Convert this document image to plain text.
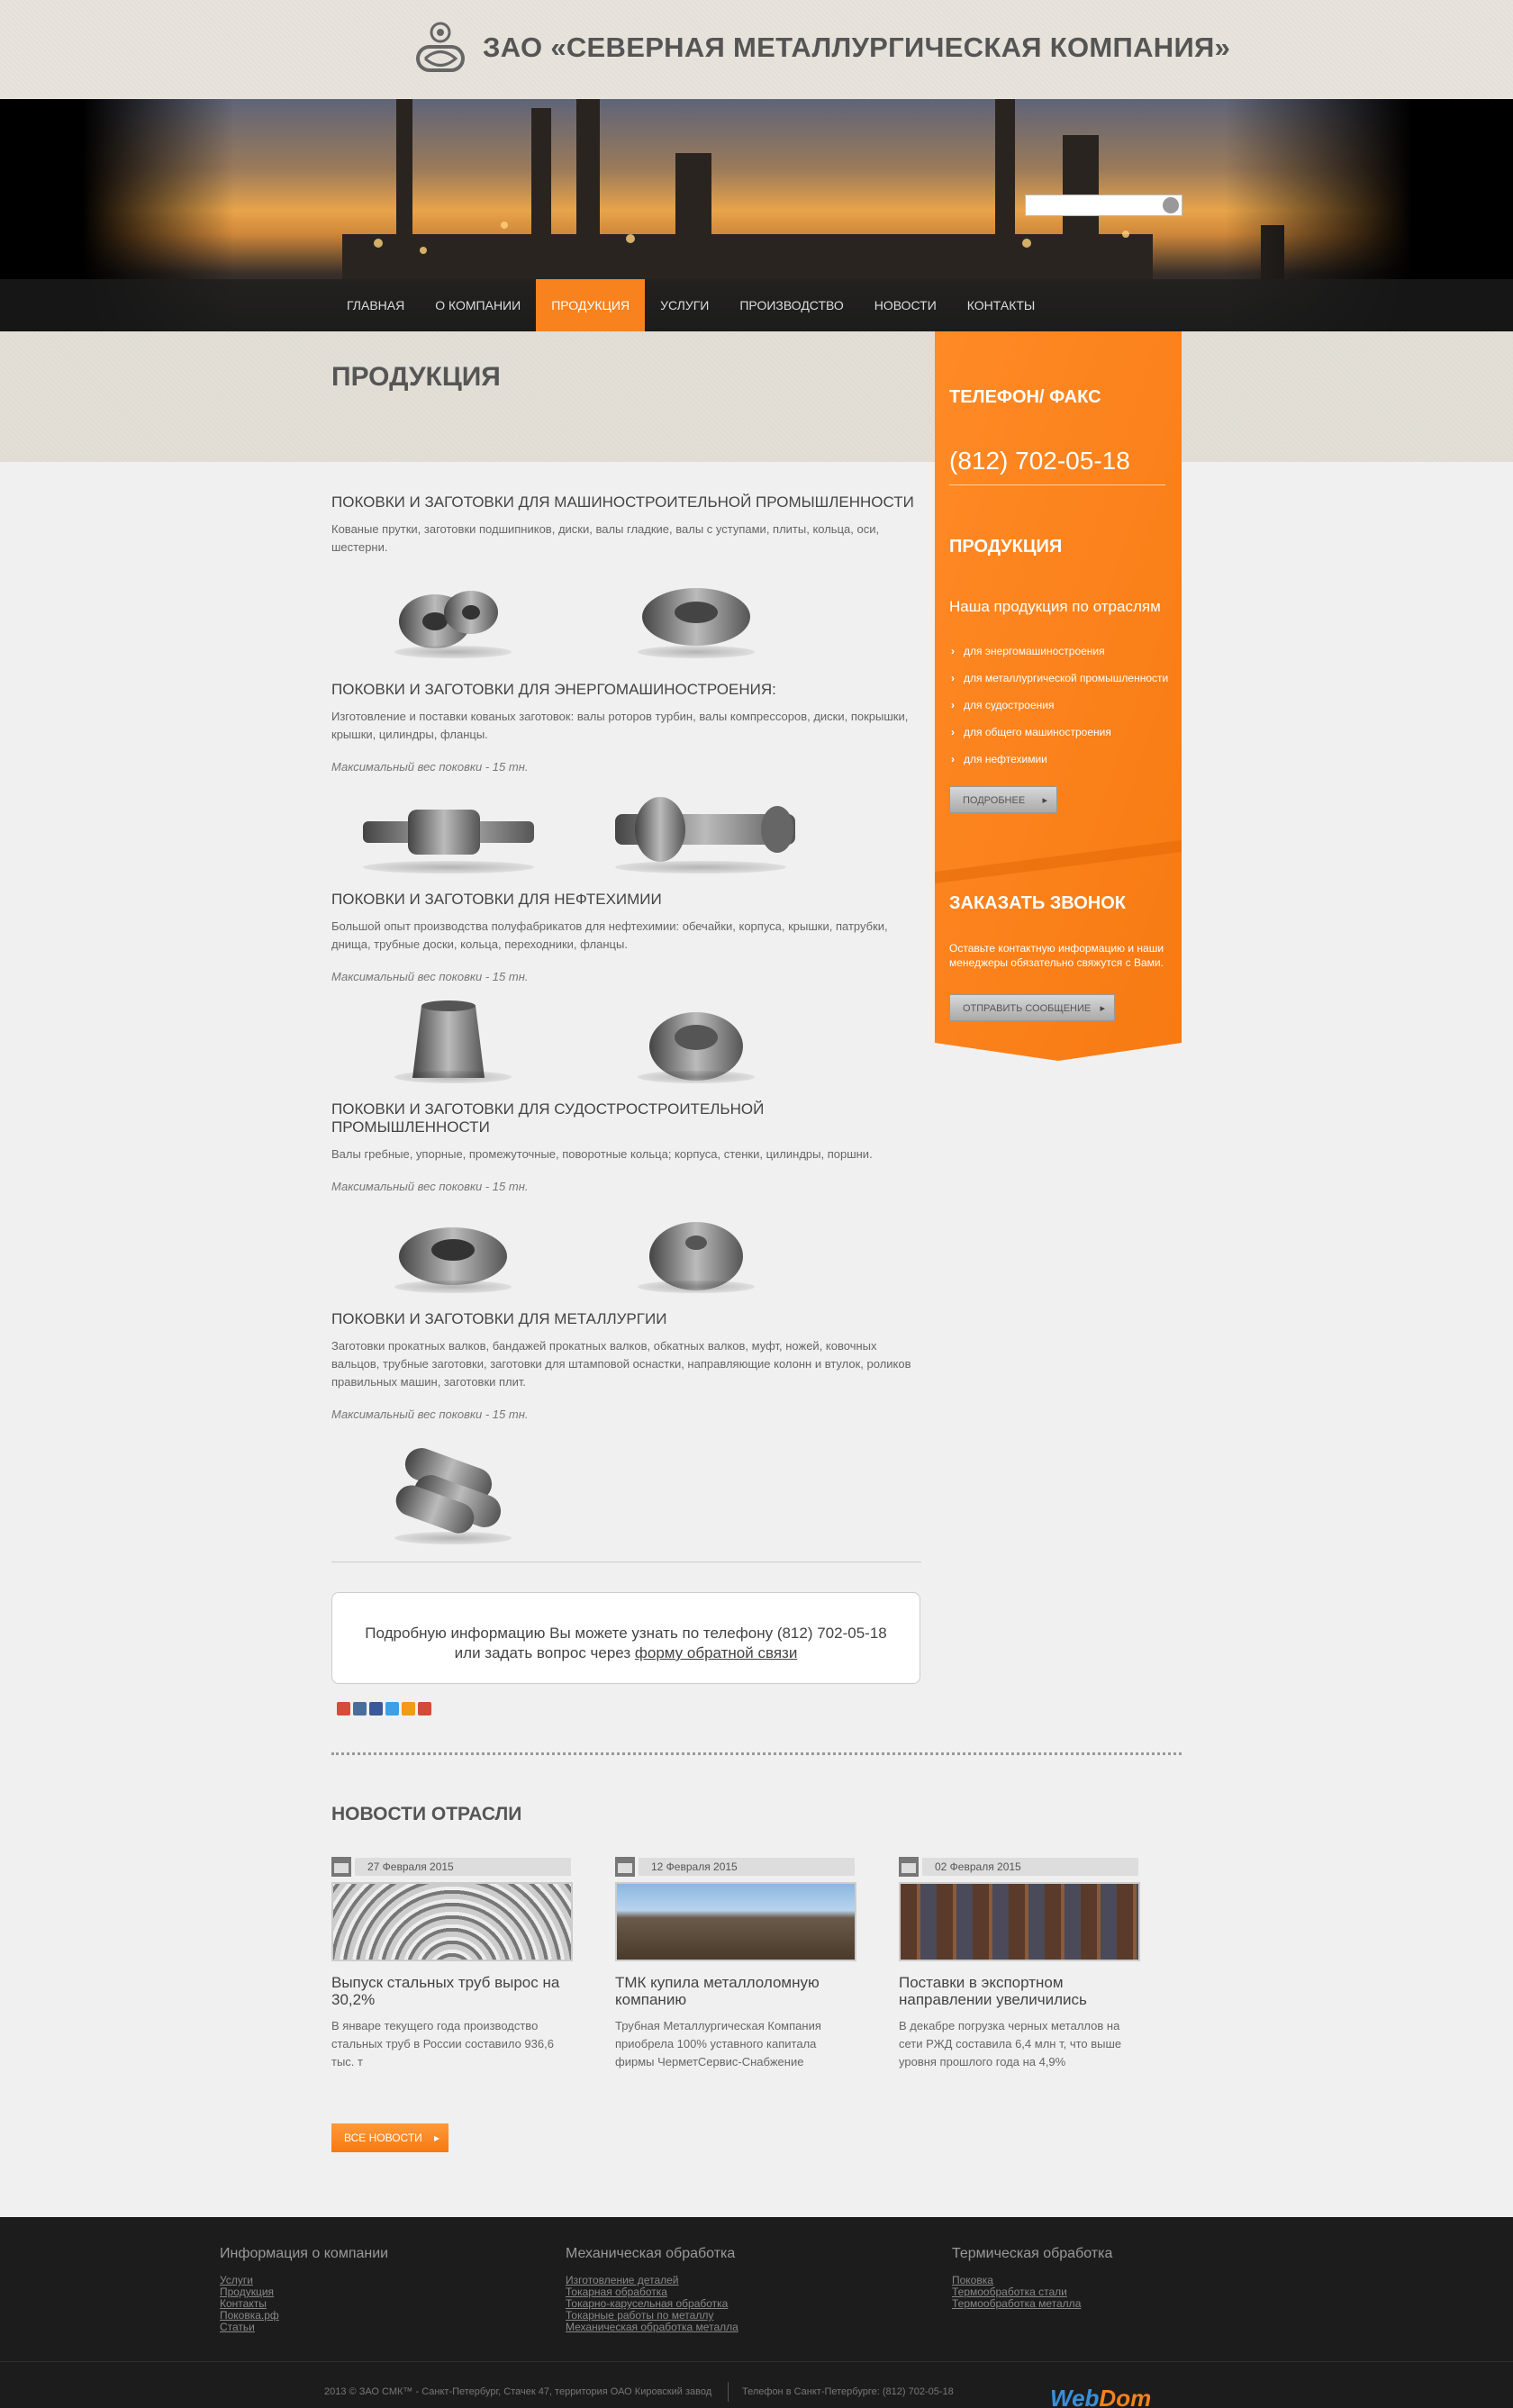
ЗАО «СЕВЕРНАЯ МЕТАЛЛУРГИЧЕСКАЯ КОМПАНИЯ»
ГЛАВНАЯ	О КОМПАНИИ	ПРОДУКЦИЯ	УСЛУГИ	ПРОИЗВОДСТВО	НОВОСТИ	КОНТАКТЫ
ПРОДУКЦИЯ
ПОКОВКИ И ЗАГОТОВКИ ДЛЯ МАШИНОСТРОИТЕЛЬНОЙ ПРОМЫШЛЕННОСТИ
Кованые прутки, заготовки подшипников, диски, валы гладкие, валы с уступами, плиты, кольца, оси, шестерни.
ПОКОВКИ И ЗАГОТОВКИ ДЛЯ ЭНЕРГОМАШИНОСТРОЕНИЯ:
Изготовление и поставки кованых заготовок: валы роторов турбин, валы компрессоров, диски, покрышки, крышки, цилиндры, фланцы.
Максимальный вес поковки - 15 тн.
ПОКОВКИ И ЗАГОТОВКИ ДЛЯ НЕФТЕХИМИИ
Большой опыт производства полуфабрикатов для нефтехимии: обечайки, корпуса, крышки, патрубки, днища, трубные доски, кольца, переходники, фланцы.
Максимальный вес поковки - 15 тн.
ПОКОВКИ И ЗАГОТОВКИ ДЛЯ СУДОСТРОСТРОИТЕЛЬНОЙ ПРОМЫШЛЕННОСТИ
Валы гребные, упорные, промежуточные, поворотные кольца; корпуса, стенки, цилиндры, поршни.
Максимальный вес поковки - 15 тн.
ПОКОВКИ И ЗАГОТОВКИ ДЛЯ МЕТАЛЛУРГИИ
Заготовки прокатных валков, бандажей прокатных валков, обкатных валков, муфт, ножей, ковочных вальцов, трубные заготовки, заготовки для штамповой оснастки, направляющие колонн и втулок, роликов правильных машин, заготовки плит.
Максимальный вес поковки - 15 тн.
Подробную информацию Вы можете узнать по телефону (812) 702-05-18
или задать вопрос через форму обратной связи
НОВОСТИ ОТРАСЛИ
27 Февраля 2015
Выпуск стальных труб вырос на 30,2%
В январе текущего года производство стальных труб в России составило 936,6 тыс. т
12 Февраля 2015
ТМК купила металлоломную компанию
Трубная Металлургическая Компания приобрела 100% уставного капитала фирмы ЧерметСервис-Снабжение
02 Февраля 2015
Поставки в экспортном направлении увеличились
В декабре погрузка черных металлов на сети РЖД составила 6,4 млн т, что выше уровня прошлого года на 4,9%
ВСЕ НОВОСТИ ▸
ТЕЛЕФОН/ ФАКС
(812) 702-05-18
ПРОДУКЦИЯ
Наша продукция по отраслям
› для энергомашиностроения
› для металлургической промышленности
› для судостроения
› для общего машиностроения
› для нефтехимии
ПОДРОБНЕЕ ▸
ЗАКАЗАТЬ ЗВОНОК
Оставьте контактную информацию и наши менеджеры обязательно свяжутся с Вами.
ОТПРАВИТЬ СООБЩЕНИЕ ▸
Информация о компании
Услуги
Продукция
Контакты
Поковка.рф
Статьи
Механическая обработка
Изготовление деталей
Токарная обработка
Токарно-карусельная обработка
Токарные работы по металлу
Механическая обработка металла
Термическая обработка
Поковка
Термообработка стали
Термообработка металла
2013 © ЗАО СМК™ - Санкт-Петербург, Стачек 47, территория ОАО Кировский завод	Телефон в Санкт-Петербурге: (812) 702-05-18	WebDom
